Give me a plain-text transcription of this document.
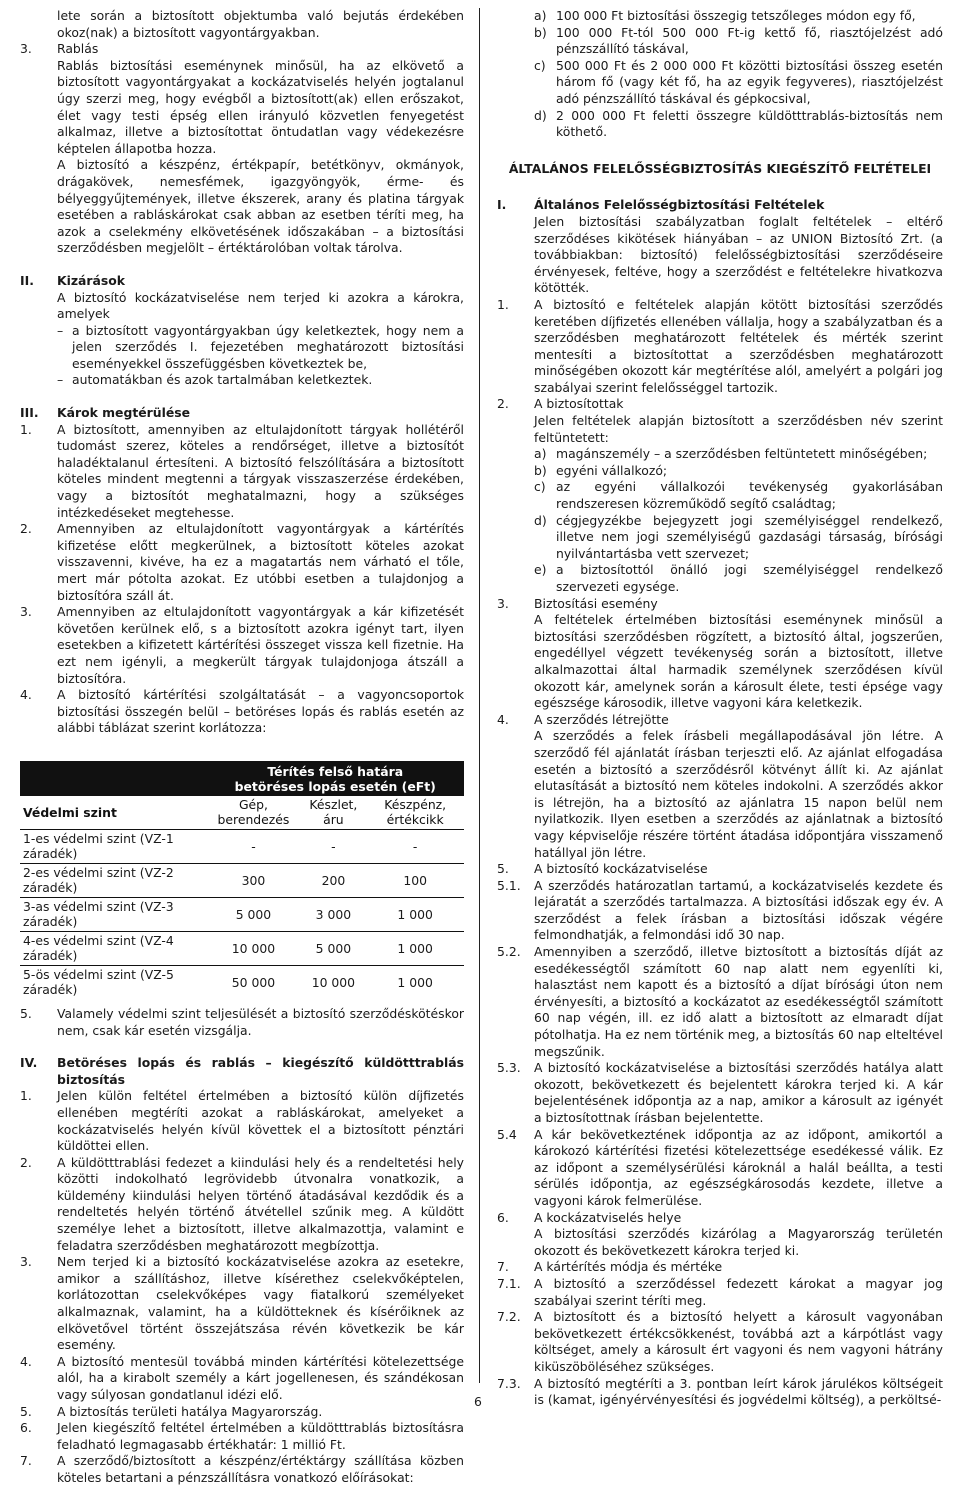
lete során a biztosított objektumba való bejutás érdekében okoz(nak) a biztosított vagyontárgyakban.
3.	Rablás
Rablás biztosítási eseménynek minősül, ha az elkövető a biztosított vagyontárgyakat a kockázatviselés helyén jogtalanul úgy szerzi meg, hogy evégből a biztosított(ak) ellen erőszakot, élet vagy testi épség ellen irányuló közvetlen fenyegetést alkalmaz, illetve a biztosítottat öntudatlan vagy védekezésre képtelen állapotba hozza.
A biztosító a készpénz, értékpapír, betétkönyv, okmányok, drágakövek, nemesfémek, igazgyöngyök, érme- és bélyeggyűjtemények, illetve ékszerek, arany és platina tárgyak esetében a rabláskárokat csak abban az esetben téríti meg, ha azok a cselekmény elkövetésének időszakában – a biztosítási szerződésben megjelölt – értéktárolóban voltak tárolva.
II.	Kizárások
A biztosító kockázatviselése nem terjed ki azokra a károkra, amelyek
– a biztosított vagyontárgyakban úgy keletkeztek, hogy nem a jelen szerződés I. fejezetében meghatározott biztosítási eseményekkel összefüggésben következtek be,
– automatákban és azok tartalmában keletkeztek.
III.	Károk megtérülése
1.	A biztosított, amennyiben az eltulajdonított tárgyak hollétéről tudomást szerez, köteles a rendőrséget, illetve a biztosítót haladéktalanul értesíteni. A biztosító felszólítására a biztosított köteles mindent megtenni a tárgyak visszaszerzése érdekében, vagy a biztosítót meghatalmazni, hogy a szükséges intézkedéseket megtehesse.
2.	Amennyiben az eltulajdonított vagyontárgyak a kártérítés kifizetése előtt megkerülnek, a biztosított köteles azokat visszavenni, kivéve, ha ez a magatartás nem várható el tőle, mert már pótolta azokat. Ez utóbbi esetben a tulajdonjog a biztosítóra száll át.
3.	Amennyiben az eltulajdonított vagyontárgyak a kár kifizetését követően kerülnek elő, s a biztosított azokra igényt tart, ilyen esetekben a kifizetett kártérítési összeget vissza kell fizetnie. Ha ezt nem igényli, a megkerült tárgyak tulajdonjoga átszáll a biztosítóra.
4.	A biztosító kártérítési szolgáltatását – a vagyoncsoportok biztosítási összegén belül – betöréses lopás és rablás esetén az alábbi táblázat szerint korlátozza:

	Térítés felső határa
betöréses lopás esetén (eFt)		

Védelmi szint	Gép, berendezés	Készlet, áru	Készpénz, értékcikk
1-es védelmi szint (VZ-1 záradék)	-	-	-
2-es védelmi szint (VZ-2 záradék)	300	200	100
3-as védelmi szint (VZ-3 záradék)	5 000	3 000	1 000
4-es védelmi szint (VZ-4 záradék)	10 000	5 000	1 000
5-ös védelmi szint (VZ-5 záradék)	50 000	10 000	1 000
5.	Valamely védelmi szint teljesülését a biztosító szerződéskötéskor nem, csak kár esetén vizsgálja.
IV.	Betöréses lopás és rablás – kiegészítő küldötttrablás biztosítás
1.	Jelen külön feltétel értelmében a biztosító külön díjfizetés ellenében megtéríti azokat a rabláskárokat, amelyeket a kockázatviselés helyén kívül követtek el a biztosított pénztári küldöttei ellen.
2.	A küldötttrablási fedezet a kiindulási hely és a rendeltetési hely közötti indokolható legrövidebb útvonalra vonatkozik, a küldemény kiindulási helyen történő átadásával kezdődik és a rendeltetés helyén történő átvétellel szűnik meg. A küldött személye lehet a biztosított, illetve alkalmazottja, valamint e feladatra szerződésben meghatározott megbízottja.
3.	Nem terjed ki a biztosító kockázatviselése azokra az esetekre, amikor a szállításhoz, illetve kísérethez cselekvőképtelen, korlátozottan cselekvőképes vagy fiatalkorú személyeket alkalmaznak, valamint, ha a küldötteknek és kísérőiknek az elkövetővel történt összejátszása révén következik be kár esemény.
4.	A biztosító mentesül továbbá minden kártérítési kötelezettsége alól, ha a kirabolt személy a kárt jogellenesen, és szándékosan vagy súlyosan gondatlanul idézi elő.
5.	A biztosítás területi hatálya Magyarország.
6.	Jelen kiegészítő feltétel értelmében a küldötttrablás biztosításra feladható legmagasabb értékhatár: 1 millió Ft.
7.	A szerződő/biztosított a készpénz/értéktárgy szállítása közben köteles betartani a pénzszállításra vonatkozó előírásokat:
a) 100 000 Ft biztosítási összegig tetszőleges módon egy fő,
b) 100 000 Ft-tól 500 000 Ft-ig kettő fő, riasztójelzést adó pénzszállító táskával,
c) 500 000 Ft és 2 000 000 Ft közötti biztosítási összeg esetén három fő (vagy két fő, ha az egyik fegyveres), riasztójelzést adó pénzszállító táskával és gépkocsival,
d) 2 000 000 Ft feletti összegre küldötttrablás-biztosítás nem köthető.
ÁLTALÁNOS FELELŐSSÉGBIZTOSÍTÁS KIEGÉSZÍTŐ FELTÉTELEI
I.	Általános Felelősségbiztosítási Feltételek
Jelen biztosítási szabályzatban foglalt feltételek – eltérő szerződéses kikötések hiányában – az UNION Biztosító Zrt. (a továbbiakban: biztosító) felelősségbiztosítási szerződéseire érvényesek, feltéve, hogy a szerződést e feltételekre hivatkozva kötötték.
1.	A biztosító e feltételek alapján kötött biztosítási szerződés keretében díjfizetés ellenében vállalja, hogy a szabályzatban és a szerződésben meghatározott feltételek és mérték szerint mentesíti a biztosítottat a szerződésben meghatározott minőségében okozott kár megtérítése alól, amelyért a polgári jog szabályai szerint felelősséggel tartozik.
2.	A biztosítottak
Jelen feltételek alapján biztosított a szerződésben név szerint feltüntetett:
a) magánszemély – a szerződésben feltüntetett minőségében;
b) egyéni vállalkozó;
c) az egyéni vállalkozói tevékenység gyakorlásában rendszeresen közreműködő segítő családtag;
d) cégjegyzékbe bejegyzett jogi személyiséggel rendelkező, illetve nem jogi személyiségű gazdasági társaság, bírósági nyilvántartásba vett szervezet;
e) a biztosítottól önálló jogi személyiséggel rendelkező szervezeti egysége.
3.	Biztosítási esemény
A feltételek értelmében biztosítási eseménynek minősül a biztosítási szerződésben rögzített, a biztosító által, jogszerűen, engedéllyel végzett tevékenység során a biztosított, illetve alkalmazottai által harmadik személynek szerződésen kívül okozott kár, amelynek során a károsult élete, testi épsége vagy egészsége károsodik, illetve vagyoni kára keletkezik.
4.	A szerződés létrejötte
A szerződés a felek írásbeli megállapodásával jön létre. A szerződő fél ajánlatát írásban terjeszti elő. Az ajánlat elfogadása esetén a biztosító a szerződésről kötvényt állít ki. Az ajánlat elutasítását a biztosító nem köteles indokolni. A szerződés akkor is létrejön, ha a biztosító az ajánlatra 15 napon belül nem nyilatkozik. Ilyen esetben a szerződés az ajánlatnak a biztosító vagy képviselője részére történt átadása időpontjára visszamenő hatállyal jön létre.
5.	A biztosító kockázatviselése
5.1.	A szerződés határozatlan tartamú, a kockázatviselés kezdete és lejáratát a szerződés tartalmazza. A biztosítási időszak egy év. A szerződést a felek írásban a biztosítási időszak végére felmondhatják, a felmondási idő 30 nap.
5.2.	Amennyiben a szerződő, illetve biztosított a biztosítás díját az esedékességtől számított 60 nap alatt nem egyenlíti ki, halasztást nem kapott és a biztosító a díjat bírósági úton nem érvényesíti, a biztosító a kockázatot az esedékességtől számított 60 nap végén, ill. ez idő alatt a biztosított az elmaradt díjat pótolhatja. Ha ez nem történik meg, a biztosítás 60 nap elteltével megszűnik.
5.3.	A biztosító kockázatviselése a biztosítási szerződés hatálya alatt okozott, bekövetkezett és bejelentett károkra terjed ki. A kár bejelentésének időpontja az a nap, amikor a károsult az igényét a biztosítottnak írásban bejelentette.
5.4	A kár bekövetkeztének időpontja az az időpont, amikortól a károkozó kártérítési fizetési kötelezettsége esedékessé válik. Ez az időpont a személysérülési károknál a halál beállta, a testi sérülés időpontja, az egészségkárosodás kezdete, illetve a vagyoni károk felmerülése.
6.	A kockázatviselés helye
A biztosítási szerződés kizárólag a Magyarország területén okozott és bekövetkezett károkra terjed ki.
7.	A kártérítés módja és mértéke
7.1.	A biztosító a szerződéssel fedezett károkat a magyar jog szabályai szerint téríti meg.
7.2.	A biztosított és a biztosító helyett a károsult vagyonában bekövetkezett értékcsökkenést, továbbá azt a kárpótlást vagy költséget, amely a károsult ért vagyoni és nem vagyoni hátrány kiküszöböléséhez szükséges.
7.3.	A biztosító megtéríti a 3. pontban leírt károk járulékos költségeit is (kamat, igényérvényesítési és jogvédelmi költség), a perköltsé-
6
